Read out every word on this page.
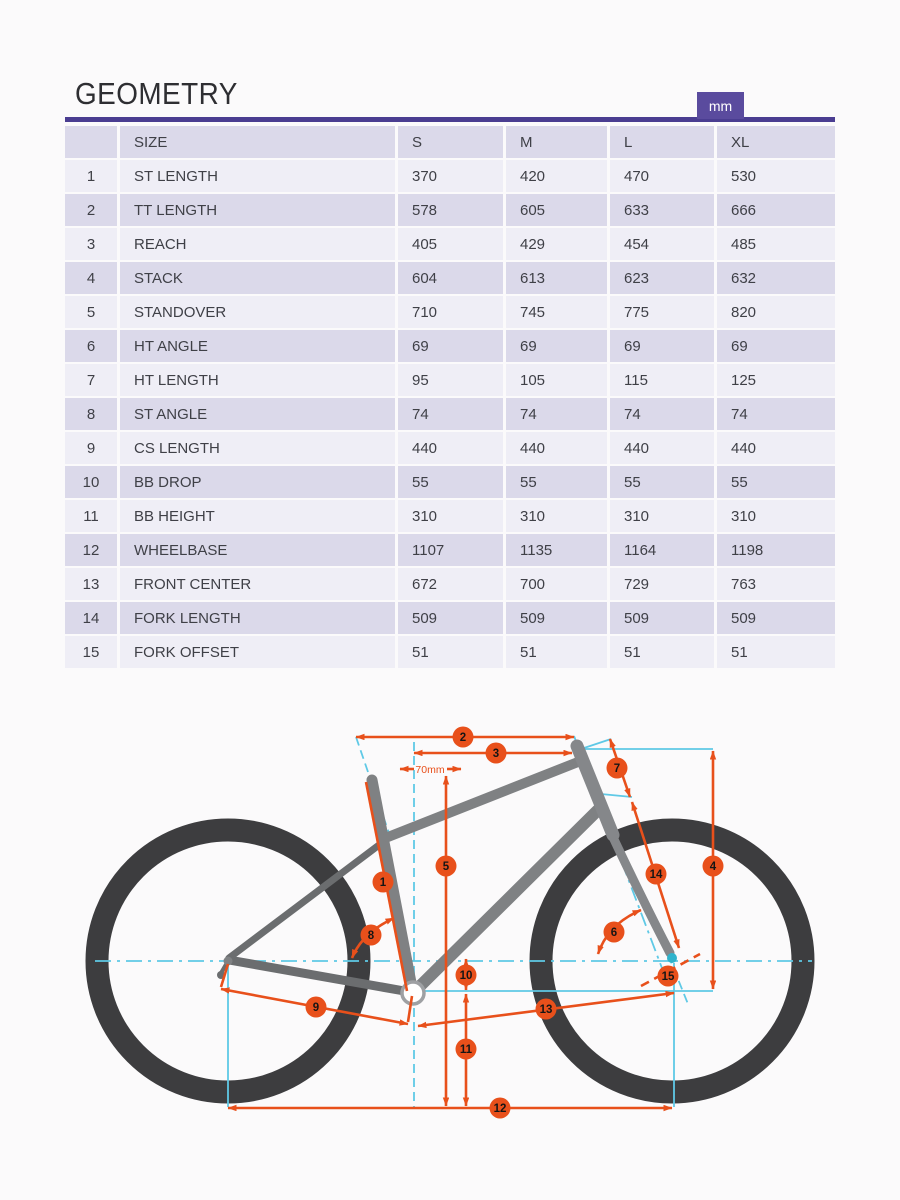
GEOMETRY	mm
	SIZE	S	M	L	XL
1	ST LENGTH	370	420	470	530
2	TT LENGTH	578	605	633	666
3	REACH	405	429	454	485
4	STACK	604	613	623	632
5	STANDOVER	710	745	775	820
6	HT ANGLE	69	69	69	69
7	HT LENGTH	95	105	115	125
8	ST ANGLE	74	74	74	74
9	CS LENGTH	440	440	440	440
10	BB DROP	55	55	55	55
11	BB HEIGHT	310	310	310	310
12	WHEELBASE	1107	1135	1164	1198
13	FRONT CENTER	672	700	729	763
14	FORK LENGTH	509	509	509	509
15	FORK OFFSET	51	51	51	51
70mm
1
2
3
4
5
6
7
8
9
10
11
12
13
14
15
